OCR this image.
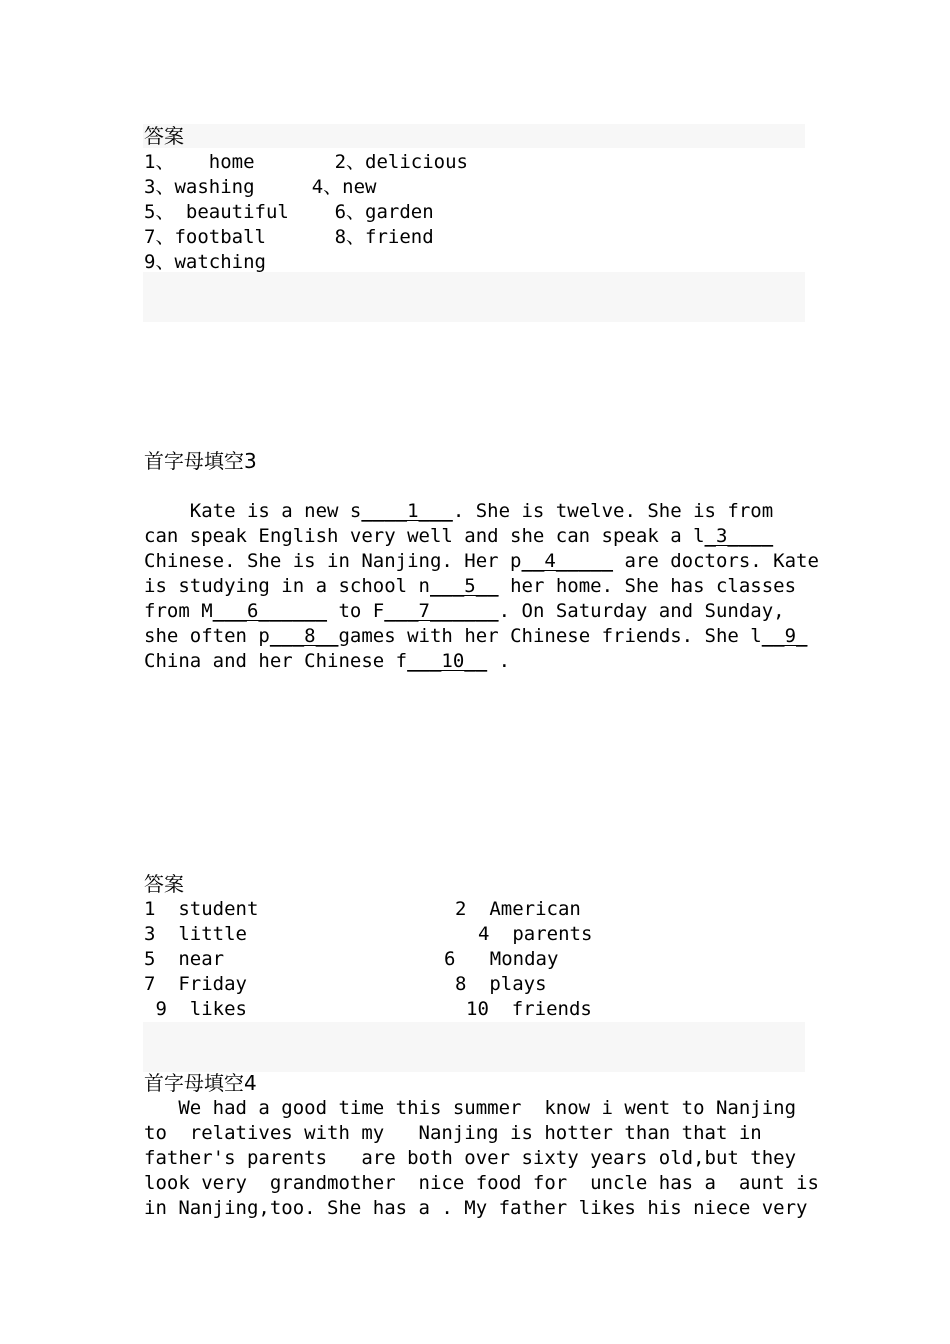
答案
1、   home       2、delicious
3、washing     4、new
5、 beautiful    6、garden
7、football      8、friend
9、watching
首字母填空3
Kate is a new s____1___. She is twelve. She is from
can speak English very well and she can speak a l_3____
Chinese. She is in Nanjing. Her p__4_____ are doctors. Kate
is studying in a school n___5__ her home. She has classes
from M___6______ to F___7______. On Saturday and Sunday,
she often p___8__games with her Chinese friends. She l__9_
China and her Chinese f___10__ .
答案
1  student	2  American
3  little	4  parents
5  near	6   Monday
7  Friday	8  plays
9  likes	10  friends
首字母填空4
We had a good time this summer  know i went to Nanjing
to  relatives with my   Nanjing is hotter than that in
father's parents   are both over sixty years old,but they
look very  grandmother  nice food for  uncle has a  aunt is
in Nanjing,too. She has a . My father likes his niece very
